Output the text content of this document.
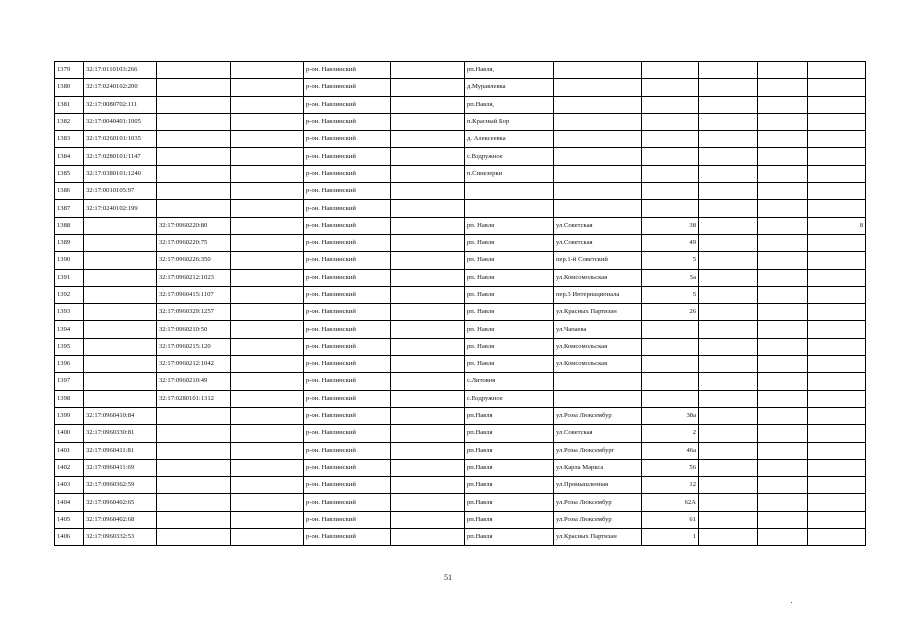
1379	32:17:0110103:266			р-он. Навлинский		рп.Навля,					
1380	32:17:0240102:200			р-он. Навлинский		д.Муравлевка					
1381	32:17:0080702:111			р-он. Навлинский		рп.Навля,					
1382	32:17:0040401:1005			р-он. Навлинский		п.Красный Бор					
1383	32:17:0260101:1035			р-он. Навлинский		д. Алексеевка					
1384	32:17:0280101:1147			р-он. Навлинский		с.Вздружное					
1385	32:17:0380101:1240			р-он. Навлинский		п.Синезерки					
1386	32:17:0010105:97			р-он. Навлинский							
1387	32:17:0240102:199			р-он. Навлинский							
1388		32:17:0960220:80		р-он. Навлинский		рп. Навля	ул.Советская	38			8
1389		32:17:0960220:75		р-он. Навлинский		рп. Навля	ул.Советская	49			
1390		32:17:0960226:350		р-он. Навлинский		рп. Навля	пер.1-й Советский	5			
1391		32:17:0960212:1023		р-он. Навлинский		рп. Навля	ул.Комсомольская	5а			
1392		32:17:0960415:1107		р-он. Навлинский		рп. Навля	пер.3 Интернационала	5			
1393		32:17:0960329:1257		р-он. Навлинский		рп. Навля	ул.Красных Партизан	26			
1394		32:17:0960210:50		р-он. Навлинский		рп. Навля	ул.Чапаева				
1395		32:17:0960215:120		р-он. Навлинский		рп. Навля	ул.Комсомольская				
1396		32:17:0960212:1042		р-он. Навлинский		рп. Навля	ул.Комсомольская				
1397		32:17:0960210:49		р-он. Навлинский		с.Литовня					
1398		32:17:0280101:1312		р-он. Навлинский		с.Вздружное					
1399	32:17:0960410:84			р-он. Навлинский		рп.Навля	ул.Розы Люксембур	38а			
1400	32:17:0960330:81			р-он. Навлинский		рп.Навля	ул.Советская	2			
1401	32:17:0960411:81			р-он. Навлинский		рп.Навля	ул.Розы Люксембург	46а			
1402	32:17:0960411:69			р-он. Навлинский		рп.Навля	ул.Карла Маркса	56			
1403	32:17:0960362:59			р-он. Навлинский		рп.Навля	ул.Промышленная	12			
1404	32:17:0960402:65			р-он. Навлинский		рп.Навля	ул.Розы Люксембур	62А			
1405	32:17:0960402:68			р-он. Навлинский		рп.Навля	ул.Розы Люксембур	61			
1406	32:17:0960332:53			р-он. Навлинский		рп.Навля	ул.Красных Партизан	1			
51
